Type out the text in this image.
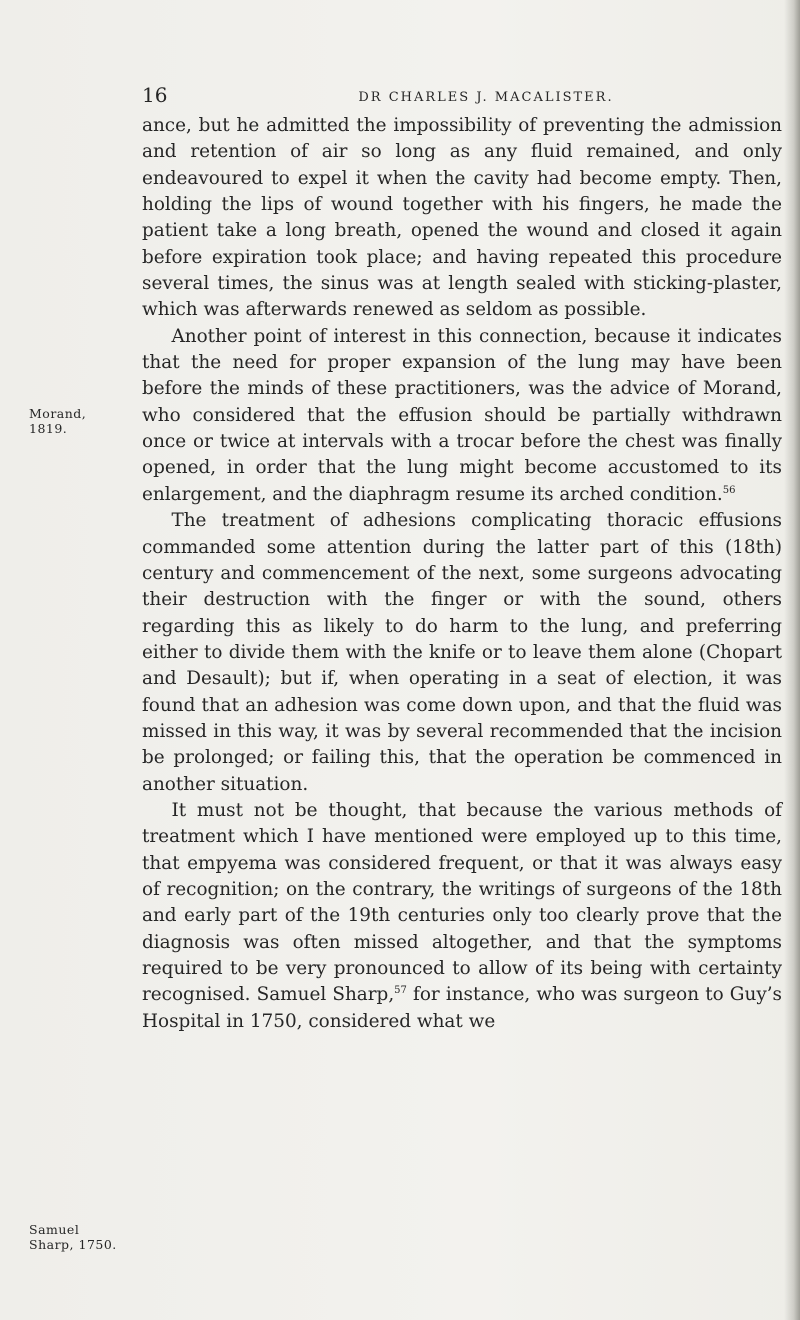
16	DR CHARLES J. MACALISTER.
Morand,
1819.
Samuel
Sharp, 1750.

ance, but he admitted the impossibility of preventing the admission and retention of air so long as any fluid remained, and only endeavoured to expel it when the cavity had become empty. Then, holding the lips of wound together with his fingers, he made the patient take a long breath, opened the wound and closed it again before expiration took place; and having repeated this procedure several times, the sinus was at length sealed with sticking-plaster, which was afterwards renewed as seldom as possible.

Another point of interest in this connection, because it indicates that the need for proper expansion of the lung may have been before the minds of these practitioners, was the advice of Morand, who considered that the effusion should be partially withdrawn once or twice at intervals with a trocar before the chest was finally opened, in order that the lung might become accustomed to its enlargement, and the diaphragm resume its arched condition.$^{56}$

The treatment of adhesions complicating thoracic effusions commanded some attention during the latter part of this (18th) century and commencement of the next, some surgeons advocating their destruction with the finger or with the sound, others regarding this as likely to do harm to the lung, and preferring either to divide them with the knife or to leave them alone (Chopart and Desault); but if, when operating in a seat of election, it was found that an adhesion was come down upon, and that the fluid was missed in this way, it was by several recommended that the incision be prolonged; or failing this, that the operation be commenced in another situation.

It must not be thought, that because the various methods of treatment which I have mentioned were employed up to this time, that empyema was considered frequent, or that it was always easy of recognition; on the contrary, the writings of surgeons of the 18th and early part of the 19th centuries only too clearly prove that the diagnosis was often missed altogether, and that the symptoms required to be very pronounced to allow of its being with certainty recognised. Samuel Sharp,$^{57}$ for instance, who was surgeon to Guy’s Hospital in 1750, considered what we
